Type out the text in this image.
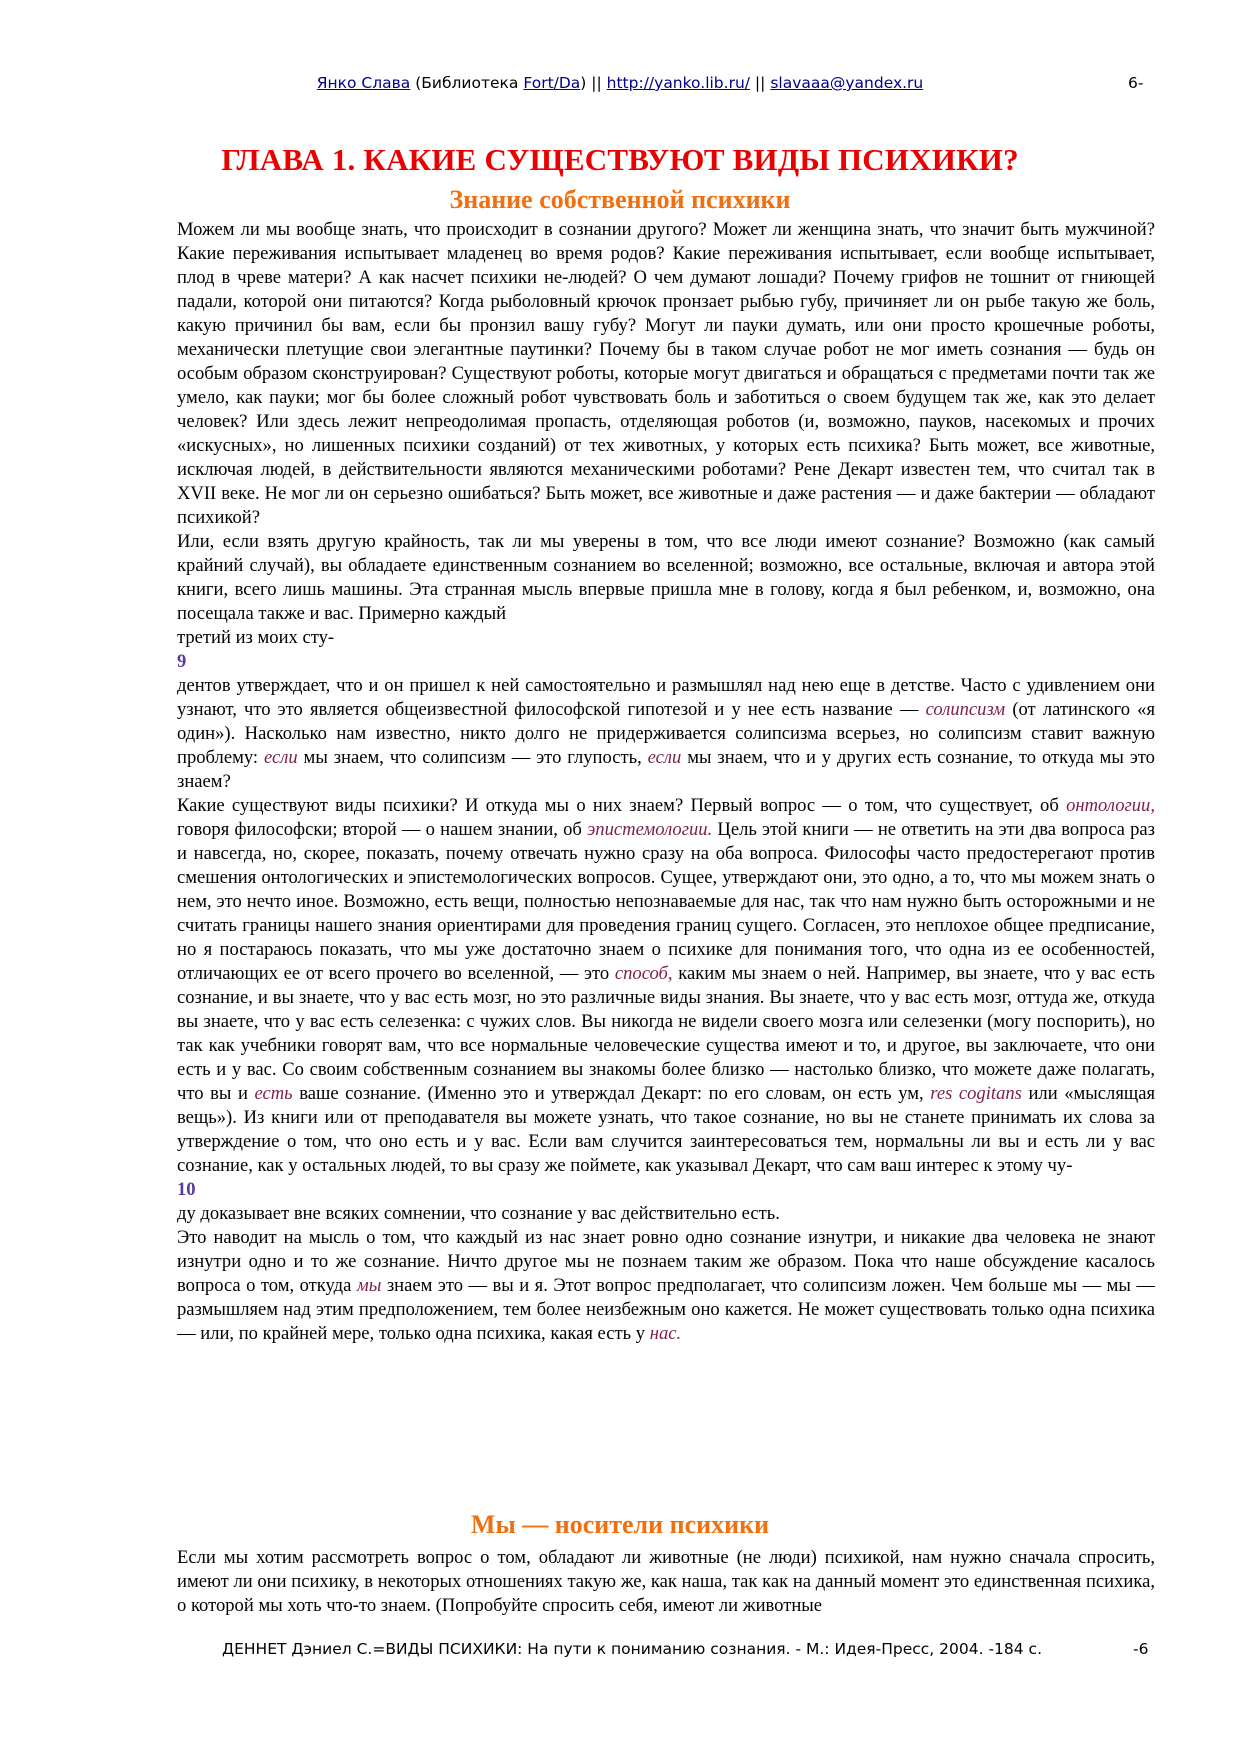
Янко Слава (Библиотека Fort/Da) || http://yanko.lib.ru/ || slavaaa@yandex.ru	6-
ГЛАВА 1. КАКИЕ СУЩЕСТВУЮТ ВИДЫ ПСИХИКИ?
Знание собственной психики

Можем ли мы вообще знать, что происходит в сознании другого? Может ли женщина знать, что значит быть мужчиной? Какие переживания испытывает младенец во время родов? Какие переживания испытывает, если вообще испытывает, плод в чреве матери? А как насчет психики не-людей? О чем думают лошади? Почему грифов не тошнит от гниющей падали, которой они питаются? Когда рыболовный крючок пронзает рыбью губу, причиняет ли он рыбе такую же боль, какую причинил бы вам, если бы пронзил вашу губу? Могут ли пауки думать, или они просто крошечные роботы, механически плетущие свои элегантные паутинки? Почему бы в таком случае робот не мог иметь сознания — будь он особым образом сконструирован? Существуют роботы, которые могут двигаться и обращаться с предметами почти так же умело, как пауки; мог бы более сложный робот чувствовать боль и заботиться о своем будущем так же, как это делает человек? Или здесь лежит непреодолимая пропасть, отделяющая роботов (и, возможно, пауков, насекомых и прочих «искусных», но лишенных психики созданий) от тех животных, у которых есть психика? Быть может, все животные, исключая людей, в действительности являются механическими роботами? Рене Декарт известен тем, что считал так в XVII веке. Не мог ли он серьезно ошибаться? Быть может, все животные и даже растения — и даже бактерии — обладают психикой?

Или, если взять другую крайность, так ли мы уверены в том, что все люди имеют сознание? Возможно (как самый крайний случай), вы обладаете единственным сознанием во вселенной; возможно, все остальные, включая и автора этой книги, всего лишь машины. Эта странная мысль впервые пришла мне в голову, когда я был ребенком, и, возможно, она посещала также и вас. Примерно каждый

третий из моих сту-

9

дентов утверждает, что и он пришел к ней самостоятельно и размышлял над нею еще в детстве. Часто с удивлением они узнают, что это является общеизвестной философской гипотезой и у нее есть название — солипсизм (от латинского «я один»). Насколько нам известно, никто долго не придерживается солипсизма всерьез, но солипсизм ставит важную проблему: если мы знаем, что солипсизм — это глупость, если мы знаем, что и у других есть сознание, то откуда мы это знаем?

Какие существуют виды психики? И откуда мы о них знаем? Первый вопрос — о том, что существует, об онтологии, говоря философски; второй — о нашем знании, об эпистемологии. Цель этой книги — не ответить на эти два вопроса раз и навсегда, но, скорее, показать, почему отвечать нужно сразу на оба вопроса. Философы часто предостерегают против смешения онтологических и эпистемологических вопросов. Сущее, утверждают они, это одно, а то, что мы можем знать о нем, это нечто иное. Возможно, есть вещи, полностью непознаваемые для нас, так что нам нужно быть осторожными и не считать границы нашего знания ориентирами для проведения границ сущего. Согласен, это неплохое общее предписание, но я постараюсь показать, что мы уже достаточно знаем о психике для понимания того, что одна из ее особенностей, отличающих ее от всего прочего во вселенной, — это способ, каким мы знаем о ней. Например, вы знаете, что у вас есть сознание, и вы знаете, что у вас есть мозг, но это различные виды знания. Вы знаете, что у вас есть мозг, оттуда же, откуда вы знаете, что у вас есть селезенка: с чужих слов. Вы никогда не видели своего мозга или селезенки (могу поспорить), но так как учебники говорят вам, что все нормальные человеческие существа имеют и то, и другое, вы заключаете, что они есть и у вас. Со своим собственным сознанием вы знакомы более близко — настолько близко, что можете даже полагать, что вы и есть ваше сознание. (Именно это и утверждал Декарт: по его словам, он есть ум, res cogitans или «мыслящая вещь»). Из книги или от преподавателя вы можете узнать, что такое сознание, но вы не станете принимать их слова за утверждение о том, что оно есть и у вас. Если вам случится заинтересоваться тем, нормальны ли вы и есть ли у вас сознание, как у остальных людей, то вы сразу же поймете, как указывал Декарт, что сам ваш интерес к этому чу-

10

ду доказывает вне всяких сомнении, что сознание у вас действительно есть.

Это наводит на мысль о том, что каждый из нас знает ровно одно сознание изнутри, и никакие два человека не знают изнутри одно и то же сознание. Ничто другое мы не познаем таким же образом. Пока что наше обсуждение касалось вопроса о том, откуда мы знаем это — вы и я. Этот вопрос предполагает, что солипсизм ложен. Чем больше мы — мы — размышляем над этим предположением, тем более неизбежным оно кажется. Не может существовать только одна психика — или, по крайней мере, только одна психика, какая есть у нас.

Мы — носители психики

Если мы хотим рассмотреть вопрос о том, обладают ли животные (не люди) психикой, нам нужно сначала спросить, имеют ли они психику, в некоторых отношениях такую же, как наша, так как на данный момент это единственная психика, о которой мы хоть что-то знаем. (Попробуйте спросить себя, имеют ли животные

ДЕННЕТ Дэниел С.=ВИДЫ ПСИХИКИ: На пути к пониманию сознания. - М.: Идея-Пресс, 2004. -184 с.	-6
